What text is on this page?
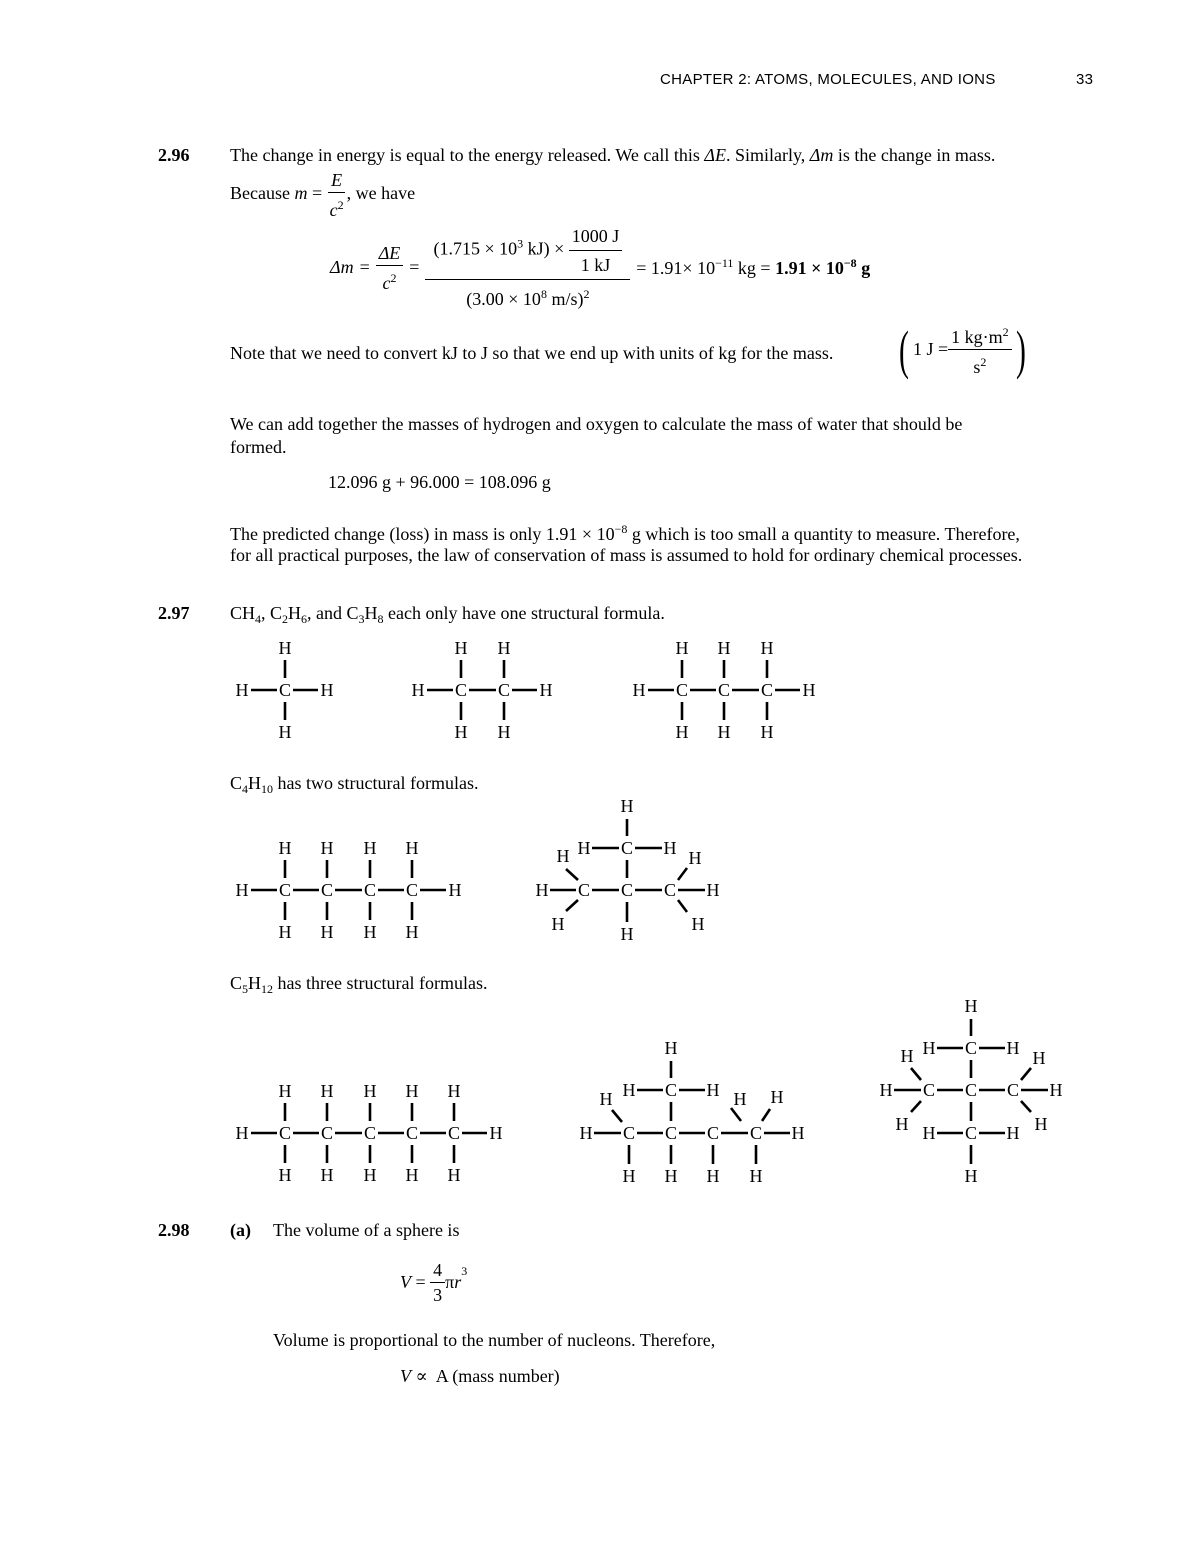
CHAPTER 2: ATOMS, MOLECULES, AND IONS	33
2.96 The change in energy is equal to the energy released. We call this ΔE. Similarly, Δm is the change in mass.
Because $m = \frac{E}{c^2}$ , we have
$\Delta m = \frac{\Delta E}{c^2} = \frac{(1.715 \times 10^3 kJ) \times \frac{1000 J}{1 kJ}}{(3.00 \times 10^8 m/s)^2} = 1.91\times 10^{-11}$ kg = $1.91 \times 10^{-8}$ g
Note that we need to convert kJ to J so that we end up with units of kg for the mass. ( 1 $J = \frac{1 kg\cdot m^2}{s^2}$ )
We can add together the masses of hydrogen and oxygen to calculate the mass of water that should be
formed.
12.096 g + 96.000 = 108.096 g
The predicted change (loss) in mass is only $1.91 \times 10^{-8}$ g which is too small a quantity to measure. Therefore,
for all practical purposes, the law of conservation of mass is assumed to hold for ordinary chemical processes.
2.97 $CH_4$, $C_2H_6$, and $C_3H_8$ each only have one structural formula.
H C
H
H
H	H C
H
H
C
H
H
H	H C
H
H
C
H
H
C
H
H
H
$C_4H_{10}$ has two structural formulas.
H C
H
H
C
H
H
C
H
H
C
H
H
H
H
H H C H H
H C C C H
H	H	H
$C_5H_{12}$ has three structural formulas.
H C
H
H
C
H
H
C
H
H
C
H
H
C
H
H
H
H
H H C H H H
H C C C C H
H H H H
H
H H C H H
H C C C H
H H C H H
H
2.98 (a) The volume of a sphere is
$V = \frac{4}{3}$ π r
$^3$
Volume is proportional to the number of nucleons. Therefore,
V ∝  A (mass number)
